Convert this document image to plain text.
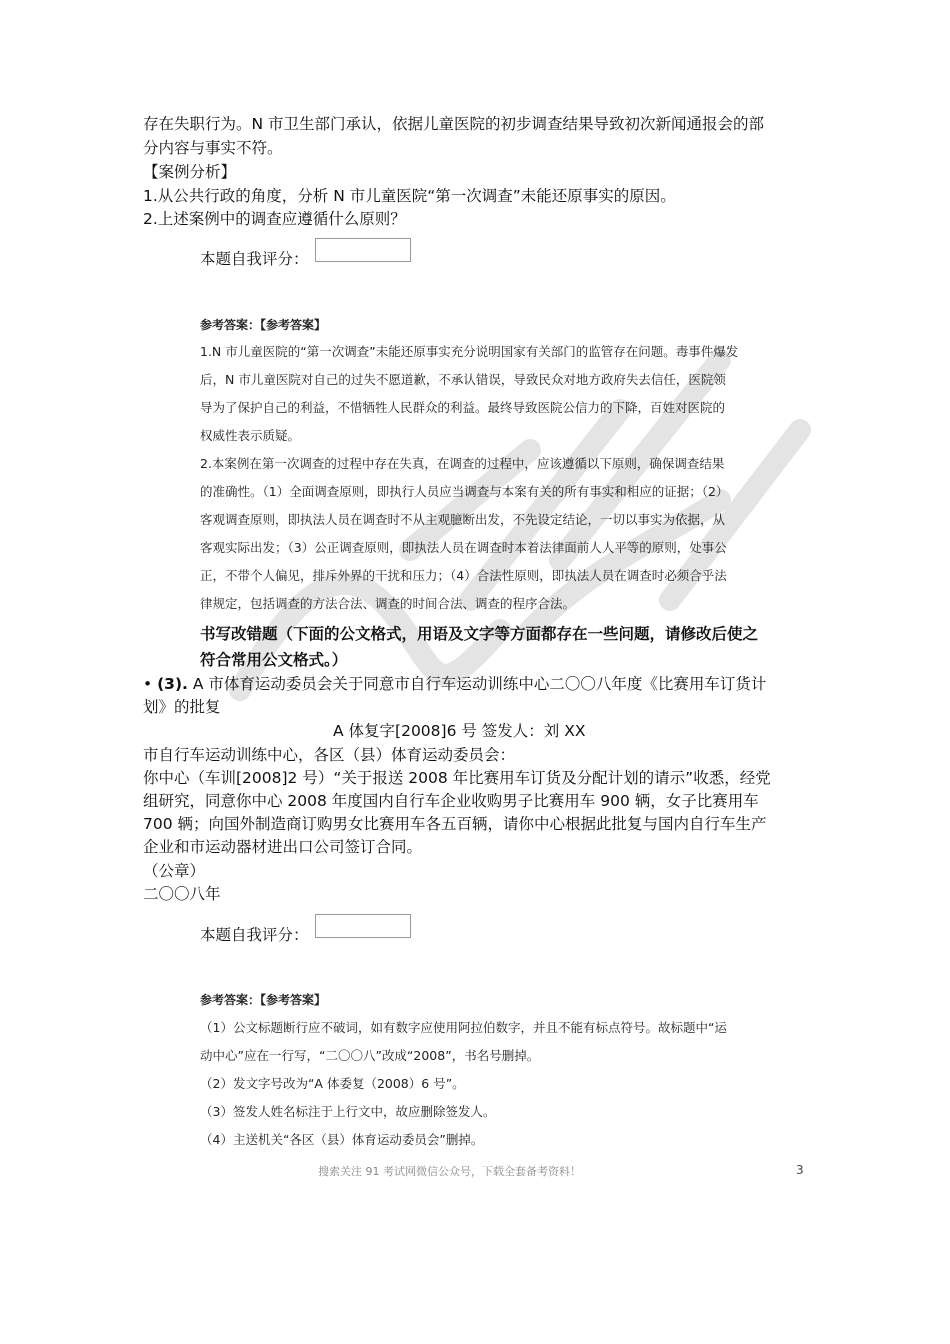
存在失职行为。N 市卫生部门承认，依据儿童医院的初步调查结果导致初次新闻通报会的部
分内容与事实不符。
【案例分析】
1.从公共行政的角度，分析 N 市儿童医院“第一次调查”未能还原事实的原因。
2.上述案例中的调查应遵循什么原则？
本题自我评分：
参考答案：【参考答案】
1.N 市儿童医院的“第一次调查”未能还原事实充分说明国家有关部门的监管存在问题。毒事件爆发
后，N 市儿童医院对自己的过失不愿道歉，不承认错误，导致民众对地方政府失去信任，医院领
导为了保护自己的利益，不惜牺牲人民群众的利益。最终导致医院公信力的下降，百姓对医院的
权威性表示质疑。
2.本案例在第一次调查的过程中存在失真，在调查的过程中，应该遵循以下原则，确保调查结果
的准确性。（1）全面调查原则，即执行人员应当调查与本案有关的所有事实和相应的证据；（2）
客观调查原则，即执法人员在调查时不从主观臆断出发，不先设定结论，一切以事实为依据，从
客观实际出发；（3）公正调查原则，即执法人员在调查时本着法律面前人人平等的原则，处事公
正，不带个人偏见，排斥外界的干扰和压力；（4）合法性原则，即执法人员在调查时必须合乎法
律规定，包括调查的方法合法、调查的时间合法、调查的程序合法。
书写改错题（下面的公文格式，用语及文字等方面都存在一些问题，请修改后使之
符合常用公文格式。）
• (3). A 市体育运动委员会关于同意市自行车运动训练中心二〇〇八年度《比赛用车订货计
划》的批复
A 体复字[2008]6 号 签发人：刘 XX
市自行车运动训练中心，各区（县）体育运动委员会：
你中心（车训[2008]2 号）“关于报送 2008 年比赛用车订货及分配计划的请示”收悉，经党
组研究，同意你中心 2008 年度国内自行车企业收购男子比赛用车 900 辆，女子比赛用车
700 辆；向国外制造商订购男女比赛用车各五百辆，请你中心根据此批复与国内自行车生产
企业和市运动器材进出口公司签订合同。
（公章）
二〇〇八年
本题自我评分：
参考答案：【参考答案】
（1）公文标题断行应不破词，如有数字应使用阿拉伯数字，并且不能有标点符号。故标题中“运
动中心”应在一行写，“二〇〇八”改成“2008”，书名号删掉。
（2）发文字号改为“A 体委复（2008）6 号”。
（3）签发人姓名标注于上行文中，故应删除签发人。
（4）主送机关“各区（县）体育运动委员会”删掉。
搜索关注 91 考试网微信公众号，下载全套备考资料！	3
